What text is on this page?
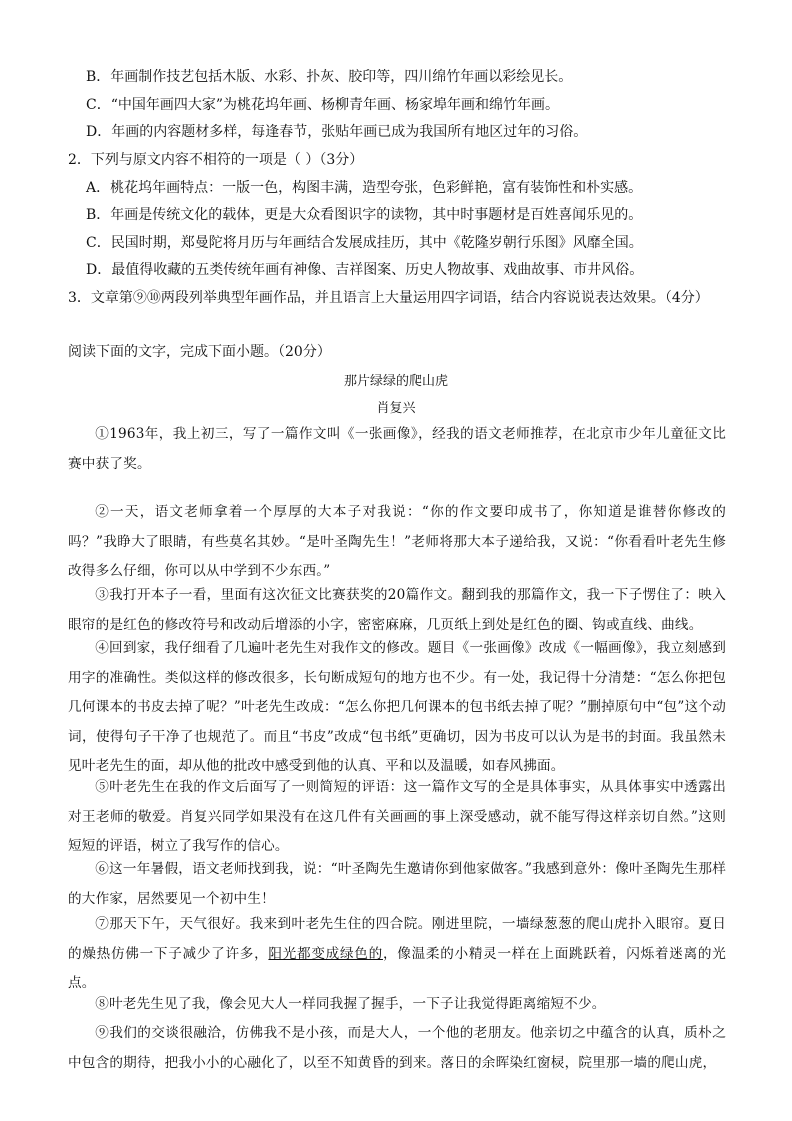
B．年画制作技艺包括木版、水彩、扑灰、胶印等，四川绵竹年画以彩绘见长。
C．“中国年画四大家”为桃花坞年画、杨柳青年画、杨家埠年画和绵竹年画。
D．年画的内容题材多样，每逢春节，张贴年画已成为我国所有地区过年的习俗。
2．下列与原文内容不相符的一项是（ ）（3分）
A．桃花坞年画特点：一版一色，构图丰满，造型夸张，色彩鲜艳，富有装饰性和朴实感。
B．年画是传统文化的载体，更是大众看图识字的读物，其中时事题材是百姓喜闻乐见的。
C．民国时期，郑曼陀将月历与年画结合发展成挂历，其中《乾隆岁朝行乐图》风靡全国。
D．最值得收藏的五类传统年画有神像、吉祥图案、历史人物故事、戏曲故事、市井风俗。
3．文章第⑨⑩两段列举典型年画作品，并且语言上大量运用四字词语，结合内容说说表达效果。（4分）
阅读下面的文字，完成下面小题。（20分）
那片绿绿的爬山虎
肖复兴
①1963年，我上初三，写了一篇作文叫《一张画像》，经我的语文老师推荐，在北京市少年儿童征文比赛中获了奖。
②一天，语文老师拿着一个厚厚的大本子对我说：“你的作文要印成书了，你知道是谁替你修改的吗？”我睁大了眼睛，有些莫名其妙。“是叶圣陶先生！”老师将那大本子递给我，又说：“你看看叶老先生修改得多么仔细，你可以从中学到不少东西。”
③我打开本子一看，里面有这次征文比赛获奖的20篇作文。翻到我的那篇作文，我一下子愣住了：映入眼帘的是红色的修改符号和改动后增添的小字，密密麻麻，几页纸上到处是红色的圈、钩或直线、曲线。
④回到家，我仔细看了几遍叶老先生对我作文的修改。题目《一张画像》改成《一幅画像》，我立刻感到用字的准确性。类似这样的修改很多，长句断成短句的地方也不少。有一处，我记得十分清楚：“怎么你把包几何课本的书皮去掉了呢？”叶老先生改成：“怎么你把几何课本的包书纸去掉了呢？”删掉原句中“包”这个动词，使得句子干净了也规范了。而且“书皮”改成“包书纸”更确切，因为书皮可以认为是书的封面。我虽然未见叶老先生的面，却从他的批改中感受到他的认真、平和以及温暖，如春风拂面。
⑤叶老先生在我的作文后面写了一则简短的评语：这一篇作文写的全是具体事实，从具体事实中透露出对王老师的敬爱。肖复兴同学如果没有在这几件有关画画的事上深受感动，就不能写得这样亲切自然。”这则短短的评语，树立了我写作的信心。
⑥这一年暑假，语文老师找到我，说：“叶圣陶先生邀请你到他家做客。”我感到意外：像叶圣陶先生那样的大作家，居然要见一个初中生！
⑦那天下午，天气很好。我来到叶老先生住的四合院。刚进里院，一墙绿葱葱的爬山虎扑入眼帘。夏日的燥热仿佛一下子减少了许多，阳光都变成绿色的，像温柔的小精灵一样在上面跳跃着，闪烁着迷离的光点。
⑧叶老先生见了我，像会见大人一样同我握了握手，一下子让我觉得距离缩短不少。
⑨我们的交谈很融洽，仿佛我不是小孩，而是大人，一个他的老朋友。他亲切之中蕴含的认真，质朴之中包含的期待，把我小小的心融化了，以至不知黄昏的到来。落日的余晖染红窗棂，院里那一墙的爬山虎，
